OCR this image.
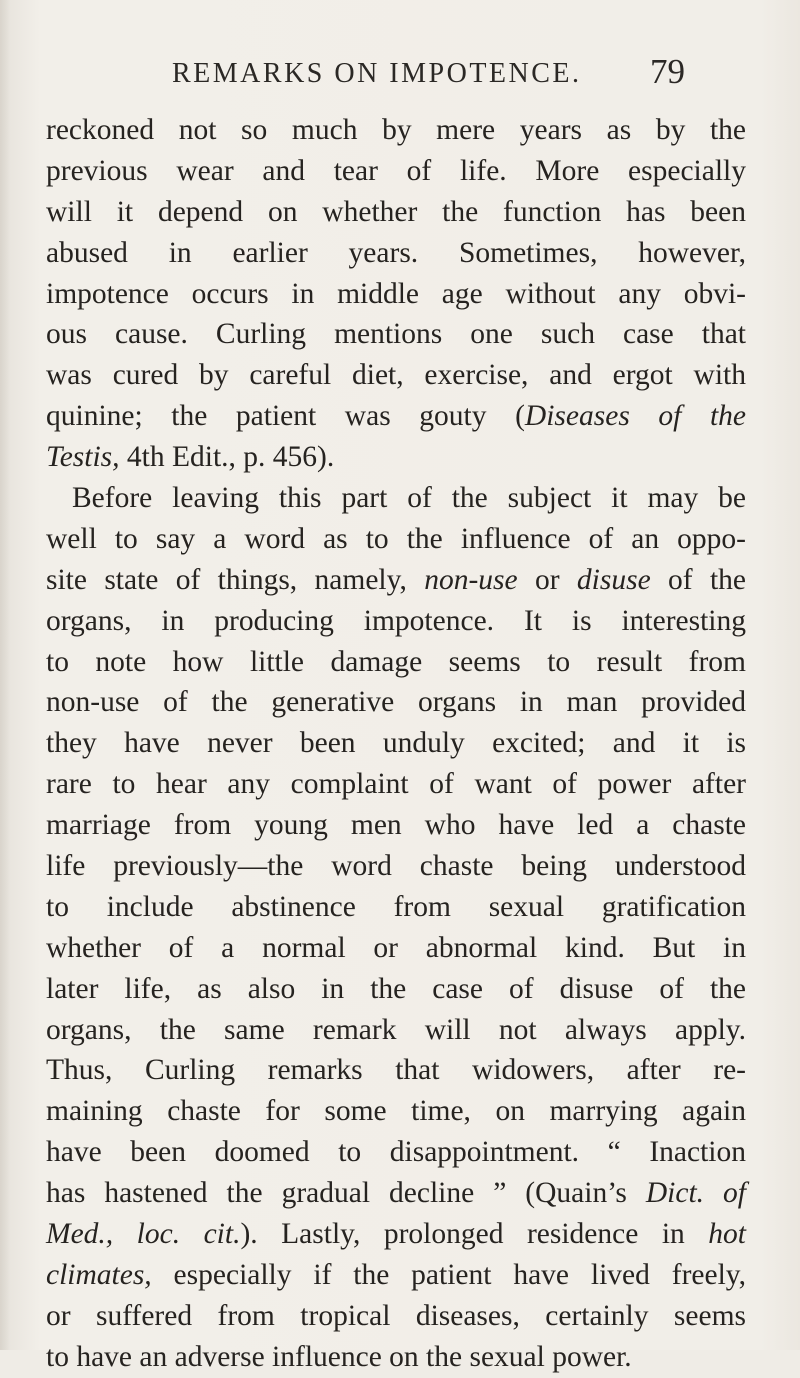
REMARKS ON IMPOTENCE. 79
reckoned not so much by mere years as by the
previous wear and tear of life. More especially
will it depend on whether the function has been
abused in earlier years. Sometimes, however,
impotence occurs in middle age without any obvi-
ous cause. Curling mentions one such case that
was cured by careful diet, exercise, and ergot with
quinine; the patient was gouty (Diseases of the
Testis, 4th Edit., p. 456).
Before leaving this part of the subject it may be
well to say a word as to the influence of an oppo-
site state of things, namely, non-use or disuse of the
organs, in producing impotence. It is interesting
to note how little damage seems to result from
non-use of the generative organs in man provided
they have never been unduly excited; and it is
rare to hear any complaint of want of power after
marriage from young men who have led a chaste
life previously—the word chaste being understood
to include abstinence from sexual gratification
whether of a normal or abnormal kind. But in
later life, as also in the case of disuse of the
organs, the same remark will not always apply.
Thus, Curling remarks that widowers, after re-
maining chaste for some time, on marrying again
have been doomed to disappointment. “ Inaction
has hastened the gradual decline ” (Quain’s Dict. of
Med., loc. cit.). Lastly, prolonged residence in hot
climates, especially if the patient have lived freely,
or suffered from tropical diseases, certainly seems
to have an adverse influence on the sexual power.
